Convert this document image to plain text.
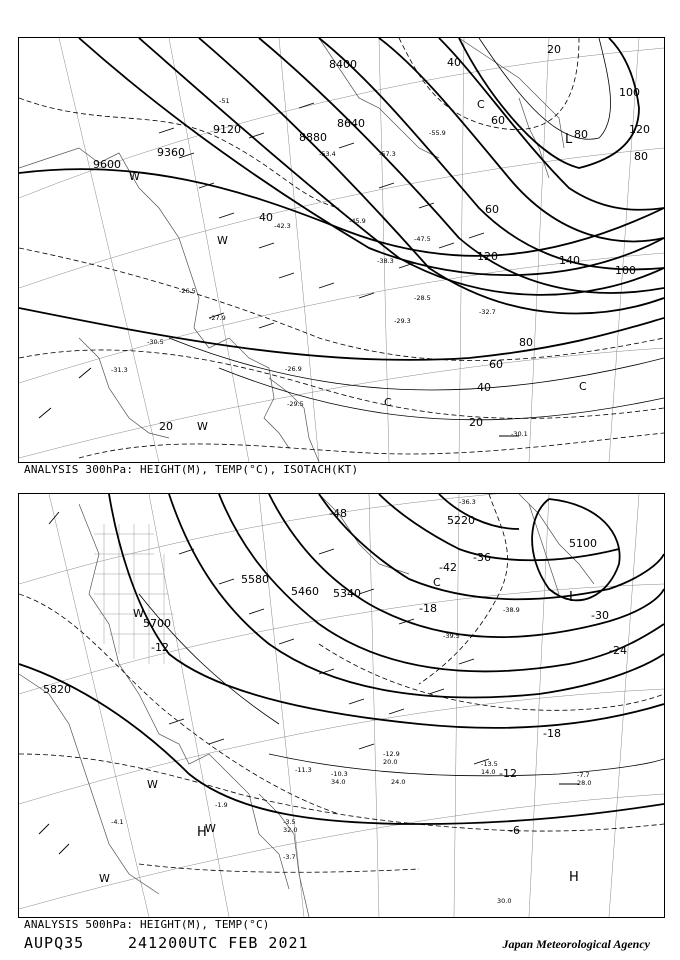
9600
8400
8640
8880
9120
9360
20
40
60
80
100
120
140
40
60
80
120
100
80
60
40
20
20
L
C
C
W
W
C
W
-51
-55.9
-57.3
-53.4
-47.5
-42.3
-45.9
-38.3
-32.7
-29.3
-30.1
-26.9
-29.5
-27.9
-30.5
-31.3
-26.5
-28.5
ANALYSIS 300hPa: HEIGHT(M), TEMP(°C), ISOTACH(KT)
5820
5700
5580
5460 5340
5220
5100
-12
-18
-24
-30
-36
-42
-48
-6
-12
-18
L
H
H
W
W
W
C
W
-12.9
-10.3
-11.3
-13.5
-7.7
-3.5
-3.7
-1.9
-4.1
-38.9
-39.5
-36.3
20.0
34.0	24.0
14.0
28.0
30.0
32.0
ANALYSIS 500hPa: HEIGHT(M), TEMP(°C)
AUPQ35	241200UTC FEB 2021	Japan Meteorological Agency
